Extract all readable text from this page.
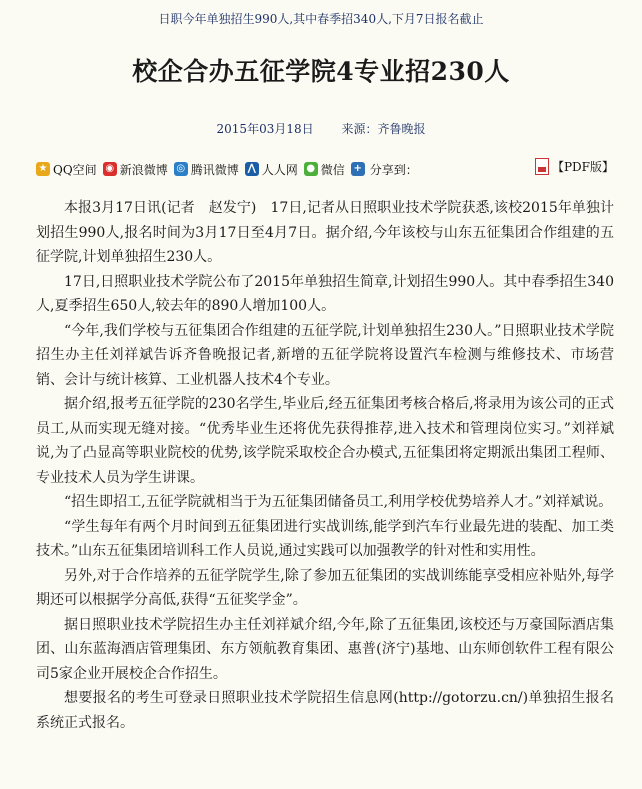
日职今年单独招生990人,其中春季招340人,下月7日报名截止
校企合办五征学院4专业招230人
2015年03月18日 来源：齐鲁晚报
★ QQ空间 ◉ 新浪微博 ◎ 腾讯微博 ⋀ 人人网 ● 微信 + 分享到：	【PDF版】

本报3月17日讯(记者　赵发宁)　17日,记者从日照职业技术学院获悉,该校2015年单独计划招生990人,报名时间为3月17日至4月7日。据介绍,今年该校与山东五征集团合作组建的五征学院,计划单独招生230人。

17日,日照职业技术学院公布了2015年单独招生简章,计划招生990人。其中春季招生340人,夏季招生650人,较去年的890人增加100人。

“今年,我们学校与五征集团合作组建的五征学院,计划单独招生230人。”日照职业技术学院招生办主任刘祥斌告诉齐鲁晚报记者,新增的五征学院将设置汽车检测与维修技术、市场营销、会计与统计核算、工业机器人技术4个专业。

据介绍,报考五征学院的230名学生,毕业后,经五征集团考核合格后,将录用为该公司的正式员工,从而实现无缝对接。“优秀毕业生还将优先获得推荐,进入技术和管理岗位实习。”刘祥斌说,为了凸显高等职业院校的优势,该学院采取校企合办模式,五征集团将定期派出集团工程师、专业技术人员为学生讲课。

“招生即招工,五征学院就相当于为五征集团储备员工,利用学校优势培养人才。”刘祥斌说。

“学生每年有两个月时间到五征集团进行实战训练,能学到汽车行业最先进的装配、加工类技术。”山东五征集团培训科工作人员说,通过实践可以加强教学的针对性和实用性。

另外,对于合作培养的五征学院学生,除了参加五征集团的实战训练能享受相应补贴外,每学期还可以根据学分高低,获得“五征奖学金”。

据日照职业技术学院招生办主任刘祥斌介绍,今年,除了五征集团,该校还与万豪国际酒店集团、山东蓝海酒店管理集团、东方领航教育集团、惠普(济宁)基地、山东师创软件工程有限公司5家企业开展校企合作招生。

想要报名的考生可登录日照职业技术学院招生信息网(http://gotorzu.cn/)单独招生报名系统正式报名。
